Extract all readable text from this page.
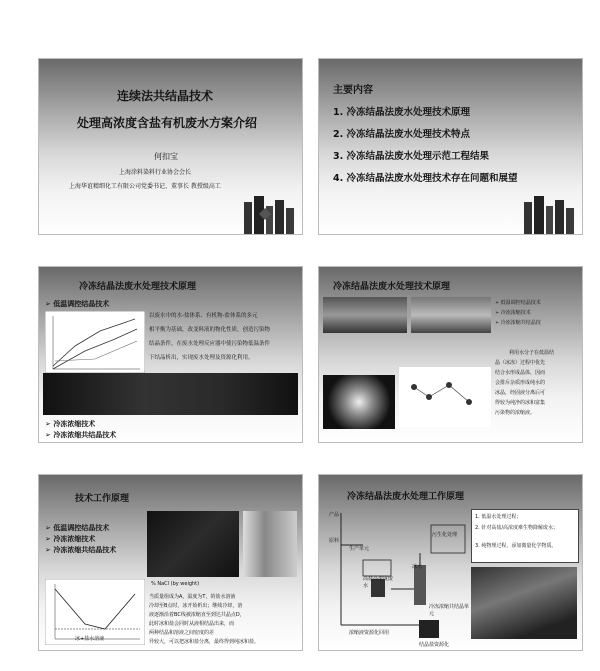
连续法共结晶技术
处理高浓度含盐有机废水方案介绍
何扣宝
上海涂料染料行业协会会长
上海华谊精细化工有限公司党委书记、董事长 教授级高工
主要内容
1. 冷冻结晶法废水处理技术原理
2. 冷冻结晶法废水处理技术特点
3. 冷冻结晶法废水处理示范工程结果
4. 冷冻结晶法废水处理技术存在问题和展望
冷冻结晶法废水处理技术原理
➢ 低温调控结晶技术
以废水中的水-盐体系、有机物-盐体系的多元
相平衡为基础，改变料液的物化性质，创造污染物
结晶条件，在废水处理反应器中使污染物低温条件
下结晶析出，实现废水处理及资源化利用。
➢ 冷冻浓缩技术
➢ 冷冻浓缩共结晶技术
冷冻结晶法废水处理技术原理
➢ 低温调控结晶技术
➢ 冷冻浓缩技术
➢ 冷冻浓缩共结晶技
利用水分子在低温结
晶（冰冻）过程中优先
结合水形成晶体，因而
会排斥杂质形成纯水的
冰晶，经固液分离后可
得较为纯净的冰和富集
污染物的浓缩液。
技术工作原理
➢ 低温调控结晶技术
➢ 冷冻浓缩技术
➢ 冷冻浓缩共结晶技术
% NaCl (by weight)
冰+盐水溶液
当质量组成为A，温度为T，的盐水溶液
冷却至B点时，冰开始析出；继续冷却，溶
液逐渐沿着BC线被浓缩直至到达共晶点D，
此时冰和盐会同时从液相结晶出来，而
两种结晶和溶液之间密度的差
异较大，可以把冰和盐分离，最终得到纯冰和盐。
冷冻结晶法废水处理工作原理
产品
原料
生产单元
高盐高浓度废水
冰水
污生化处理
冷冻浓缩共结晶单元
浓缩液资源化回用
结晶盐资源化
1. 低温水处理过程；
2. 针对高盐/高浓度难生物降解废水；
3. 纯物理过程，添加微量化学物质。
